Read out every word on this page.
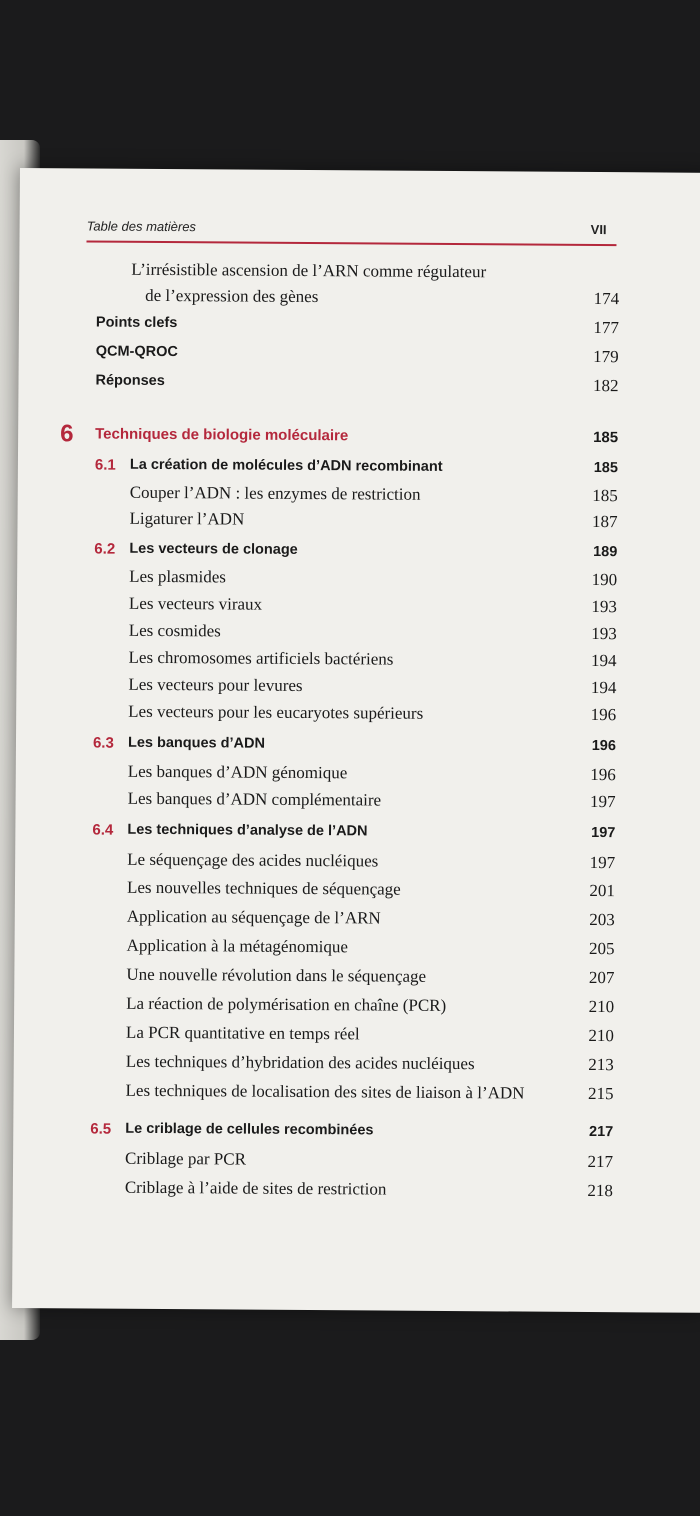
Table des matières	VII
L’irrésistible ascension de l’ARN comme régulateur
de l’expression des gènes	174
Points clefs	177
QCM-QROC	179
Réponses	182
6 Techniques de biologie moléculaire	185
6.1 La création de molécules d’ADN recombinant	185
Couper l’ADN : les enzymes de restriction	185
Ligaturer l’ADN	187
6.2 Les vecteurs de clonage	189
Les plasmides	190
Les vecteurs viraux	193
Les cosmides	193
Les chromosomes artificiels bactériens	194
Les vecteurs pour levures	194
Les vecteurs pour les eucaryotes supérieurs	196
6.3 Les banques d’ADN	196
Les banques d’ADN génomique	196
Les banques d’ADN complémentaire	197
6.4 Les techniques d’analyse de l’ADN	197
Le séquençage des acides nucléiques	197
Les nouvelles techniques de séquençage	201
Application au séquençage de l’ARN	203
Application à la métagénomique	205
Une nouvelle révolution dans le séquençage	207
La réaction de polymérisation en chaîne (PCR)	210
La PCR quantitative en temps réel	210
Les techniques d’hybridation des acides nucléiques	213
Les techniques de localisation des sites de liaison à l’ADN	215
6.5 Le criblage de cellules recombinées	217
Criblage par PCR	217
Criblage à l’aide de sites de restriction	218
